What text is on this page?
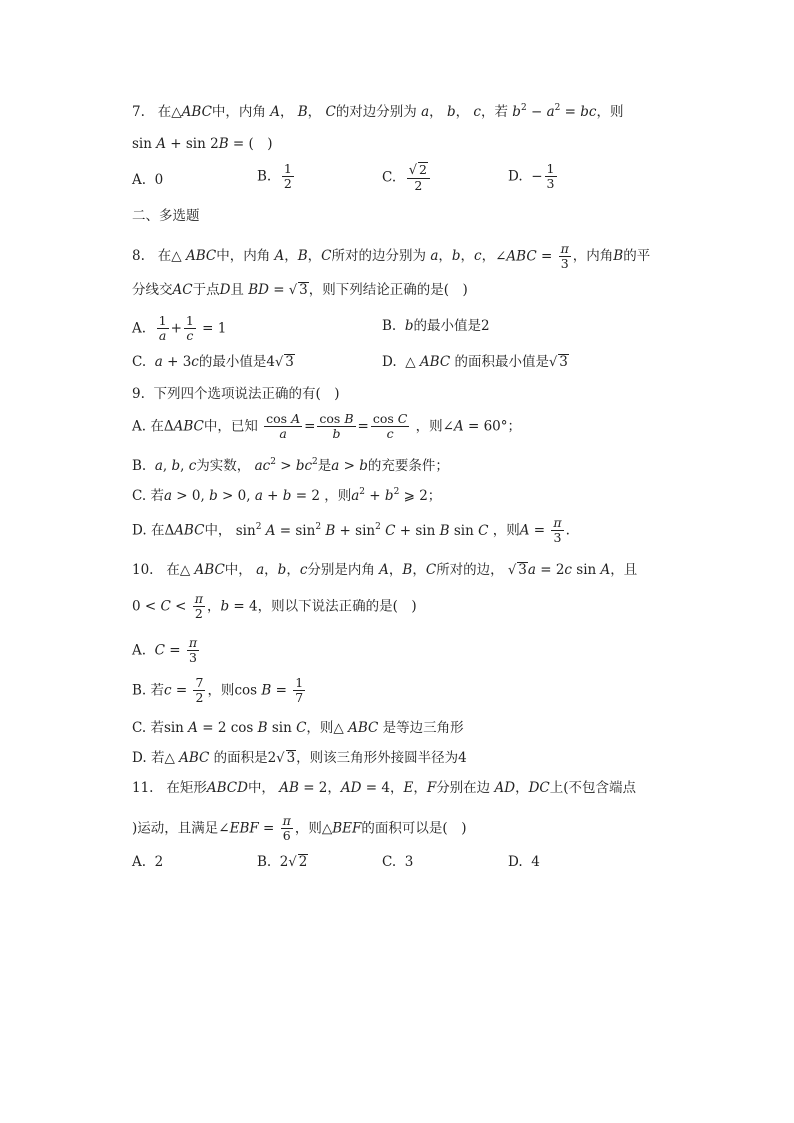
7. 在△ABC中，内角 A， B， C的对边分别为 a， b， c，若 $b^2 - a^2$ = bc，则
sin A + sin 2B = (　)
A. 0	B. $\frac{1}{2}$	C. $\frac{√ 2}{2}$	D. − $\frac{1}{3}$
二、多选题
8. 在△ ABC中，内角 A，B，C所对的边分别为 a，b，c，∠ABC = $\frac{\pi}{3}$ ，内角B的平
分线交AC于点D且 BD = √ 3，则下列结论正确的是(　)
A. $\frac{1}{a} + \frac{1}{c} = 1$	B. b的最小值是2
C. a + 3c的最小值是4√ 3	D.  △ ABC 的面积最小值是√ 3
9. 下列四个选项说法正确的有(　)
A. 在ΔABC中，已知 $\frac{\text{cos A}}{a} = \frac{\text{cos B}}{b} = \frac{\text{cos C}}{c}$ ，则∠A = 60°；
B. a, b, c为实数， $ac^2 > bc^2$是a > b的充要条件；
C. 若a > 0, b > 0, a + b = 2 ，则$a^2 + b^2$ ⩾ 2；
D. 在ΔABC中， $\sin^2 A = \sin^2 B + \sin^2 C + \sin B$ sin C ，则$A = \frac{\pi}{3}$ .
10. 在△ ABC中， a，b，c分别是内角 A，B，C所对的边， √ 3a = 2c sin A，且
$0 < C < \frac{\pi}{2}$ ，b = 4，则以下说法正确的是(　)
A. $C = \frac{\pi}{3}$
B. 若$c = \frac{7}{2}$ ，则$\cos B = \frac{1}{7}$
C. 若sin A = 2 cos B sin C，则△ ABC 是等边三角形
D. 若△ ABC 的面积是2√ 3，则该三角形外接圆半径为4
11. 在矩形ABCD中， AB = 2，AD = 4，E，F分别在边 AD，DC上(不包含端点
)运动，且满足∠EBF = $\frac{\pi}{6}$ ，则△BEF的面积可以是(　)
A. 2	B.  2√ 2	C. 3	D. 4
